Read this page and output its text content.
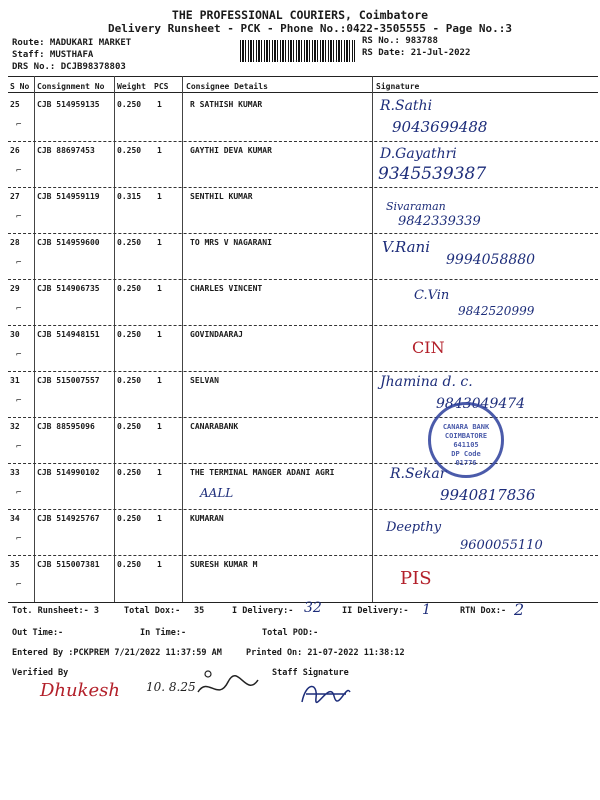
THE PROFESSIONAL COURIERS, Coimbatore
Delivery Runsheet - PCK - Phone No.:0422-3505555 - Page No.:3
Route: MADUKARI MARKET
Staff: MUSTHAFA
DRS No.: DCJB98378803
RS No.: 983788
RS Date: 21-Jul-2022
S No Consignment No Weight PCS Consignee Details	Signature
25 CJB 514959135 0.250 1	R SATHISH KUMAR
⌐
R.Sathi
9043699488
26 CJB 88697453	0.250 1	GAYTHI DEVA KUMAR
⌐
D.Gayathri
9345539387
27 CJB 514959119 0.315 1	SENTHIL KUMAR
⌐
Sivaraman
9842339339
28 CJB 514959600 0.250 1	TO MRS V NAGARANI
⌐
V.Rani
9994058880
29 CJB 514906735 0.250 1	CHARLES VINCENT
⌐
C.Vin
9842520999
30 CJB 514948151 0.250 1	GOVINDAARAJ
⌐	CIN
31 CJB 515007557 0.250 1	SELVAN
⌐
Jhamina d. c.
9843049474
32 CJB 88595096	0.250 1	CANARABANK
⌐
33 CJB 514990102 0.250 1	THE TERMINAL MANGER ADANI AGRI
AALL
⌐
R.Sekar
9940817836
34 CJB 514925767 0.250 1	KUMARAN
⌐
Deepthy
9600055110
35 CJB 515007381 0.250 1	SURESH KUMAR M
⌐	PIS
CANARA BANK
COIMBATORE
641105
DP Code
01776
Tot. Runsheet:- 3	Total Dox:- 35	I Delivery:- 32 II Delivery:- 1	RTN Dox:- 2
Out Time:-	In Time:-	Total POD:-
Entered By :PCKPREM 7/21/2022 11:37:59 AM	Printed On: 21-07-2022 11:38:12
Verified By	Staff Signature
Dhukesh 10. 8.25
